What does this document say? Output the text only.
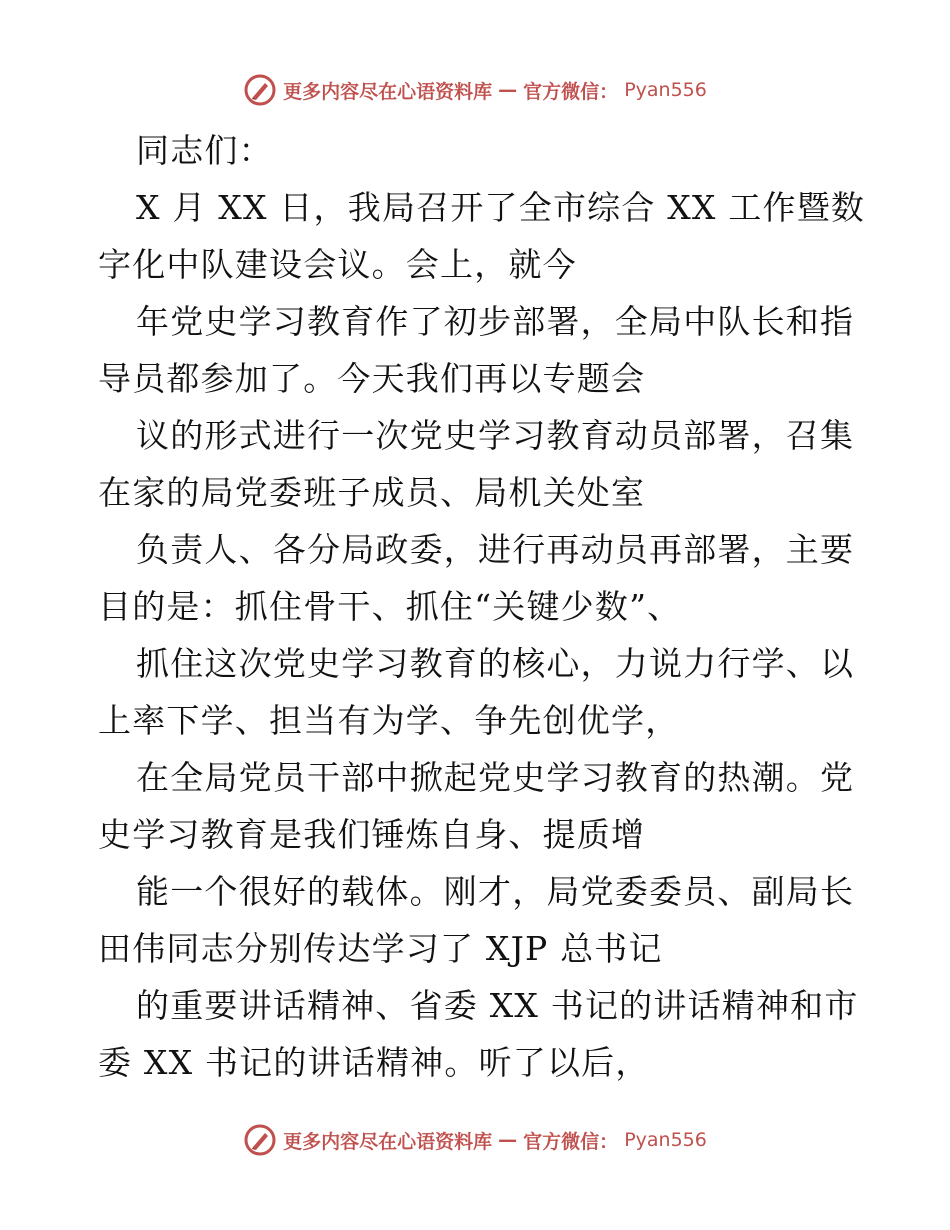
更多内容尽在心语资料库 — 官方微信： Pyan556
同志们：
X 月 XX 日，我局召开了全市综合 XX 工作暨数
字化中队建设会议。会上，就今
年党史学习教育作了初步部署，全局中队长和指
导员都参加了。今天我们再以专题会
议的形式进行一次党史学习教育动员部署，召集
在家的局党委班子成员、局机关处室
负责人、各分局政委，进行再动员再部署，主要
目的是：抓住骨干、抓住“关键少数”、
抓住这次党史学习教育的核心，力说力行学、以
上率下学、担当有为学、争先创优学，
在全局党员干部中掀起党史学习教育的热潮。党
史学习教育是我们锤炼自身、提质增
能一个很好的载体。刚才，局党委委员、副局长
田伟同志分别传达学习了 XJP 总书记
的重要讲话精神、省委 XX 书记的讲话精神和市
委 XX 书记的讲话精神。听了以后，
更多内容尽在心语资料库 — 官方微信： Pyan556
